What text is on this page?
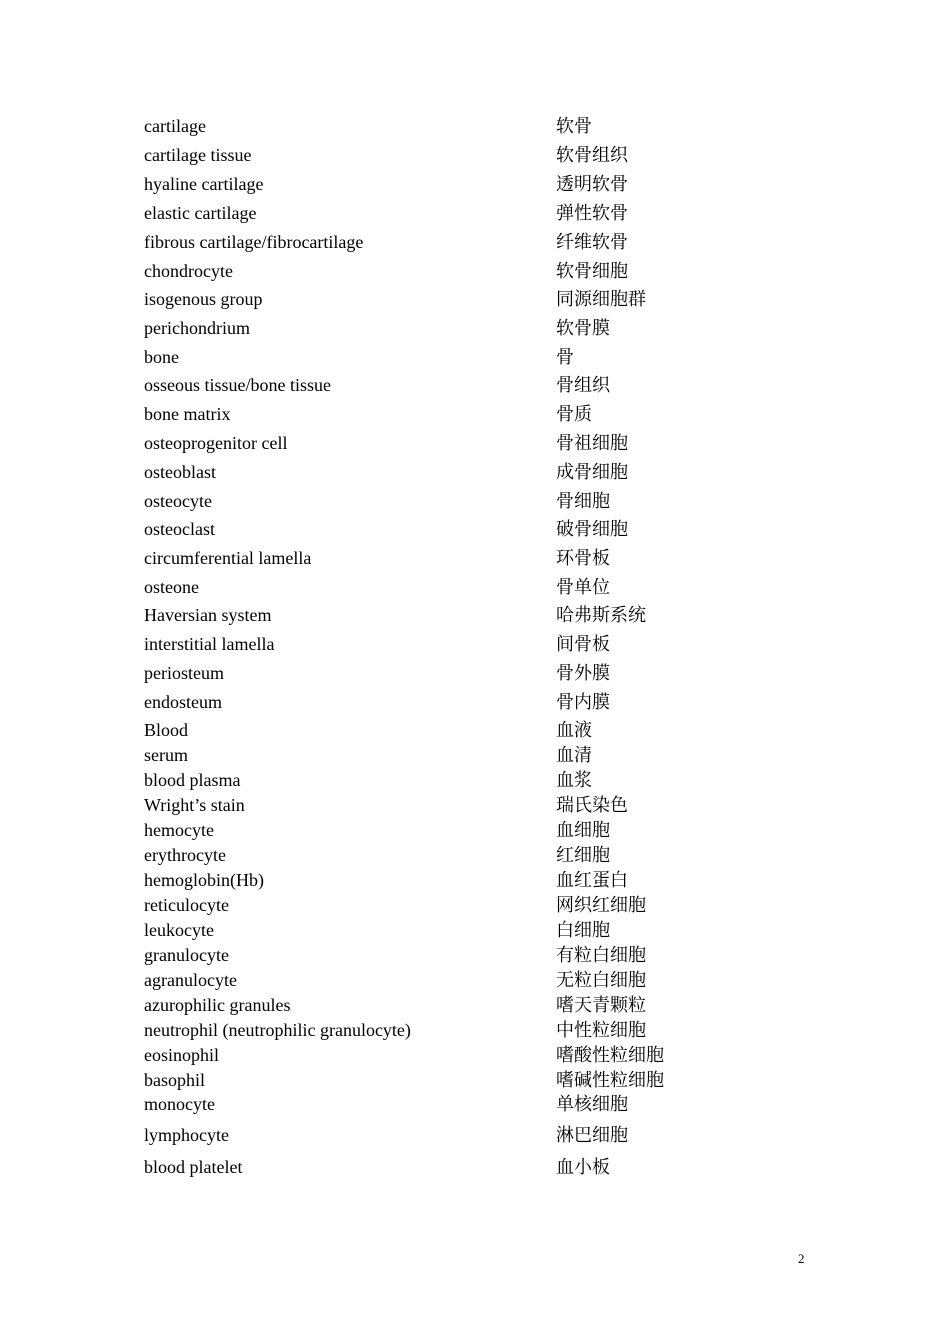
cartilage	软骨
cartilage tissue	软骨组织
hyaline cartilage	透明软骨
elastic cartilage	弹性软骨
fibrous cartilage/fibrocartilage	纤维软骨
chondrocyte	软骨细胞
isogenous group	同源细胞群
perichondrium	软骨膜
bone	骨
osseous tissue/bone tissue	骨组织
bone matrix	骨质
osteoprogenitor cell	骨祖细胞
osteoblast	成骨细胞
osteocyte	骨细胞
osteoclast	破骨细胞
circumferential lamella	环骨板
osteone	骨单位
Haversian system	哈弗斯系统
interstitial lamella	间骨板
periosteum	骨外膜
endosteum	骨内膜
Blood	血液
serum	血清
blood plasma	血浆
Wright’s stain	瑞氏染色
hemocyte	血细胞
erythrocyte	红细胞
hemoglobin(Hb)	血红蛋白
reticulocyte	网织红细胞
leukocyte	白细胞
granulocyte	有粒白细胞
agranulocyte	无粒白细胞
azurophilic granules	嗜天青颗粒
neutrophil (neutrophilic granulocyte)	中性粒细胞
eosinophil	嗜酸性粒细胞
basophil	嗜碱性粒细胞
monocyte	单核细胞
lymphocyte	淋巴细胞
blood platelet	血小板
2
